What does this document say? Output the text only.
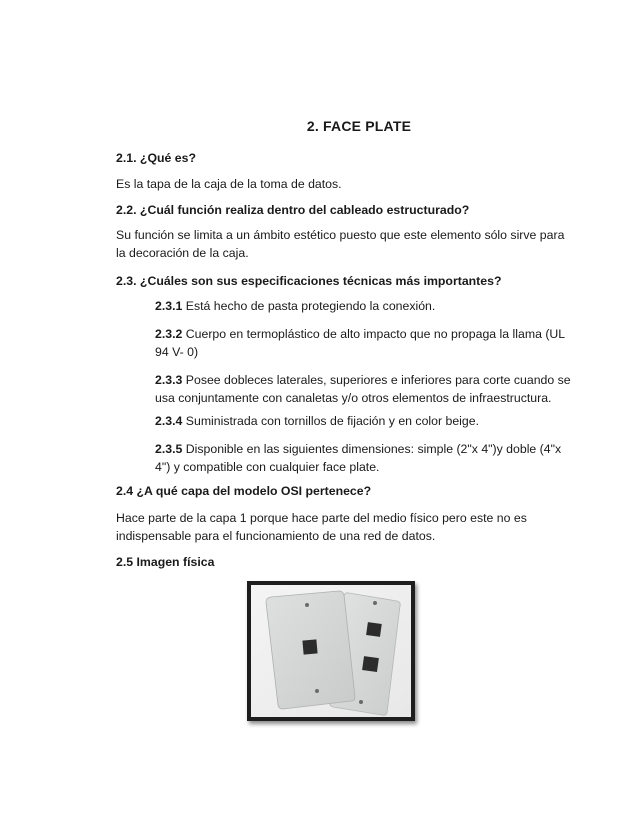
2. FACE PLATE
2.1. ¿Qué es?
Es la tapa de la caja de la toma de datos.
2.2. ¿Cuál función realiza dentro del cableado estructurado?
Su función se limita a un ámbito estético puesto que este elemento sólo sirve para
la decoración de la caja.
2.3. ¿Cuáles son sus especificaciones técnicas más importantes?
2.3.1 Está hecho de pasta protegiendo la conexión.
2.3.2 Cuerpo en termoplástico de alto impacto que no propaga la llama (UL
94 V- 0)
2.3.3 Posee dobleces laterales, superiores e inferiores para corte cuando se
usa conjuntamente con canaletas y/o otros elementos de infraestructura.
2.3.4 Suministrada con tornillos de fijación y en color beige.
2.3.5 Disponible en las siguientes dimensiones: simple (2"x 4")y doble (4"x
4") y compatible con cualquier face plate.
2.4 ¿A qué capa del modelo OSI pertenece?
Hace parte de la capa 1 porque hace parte del medio físico pero este no es
indispensable para el funcionamiento de una red de datos.
2.5 Imagen física
